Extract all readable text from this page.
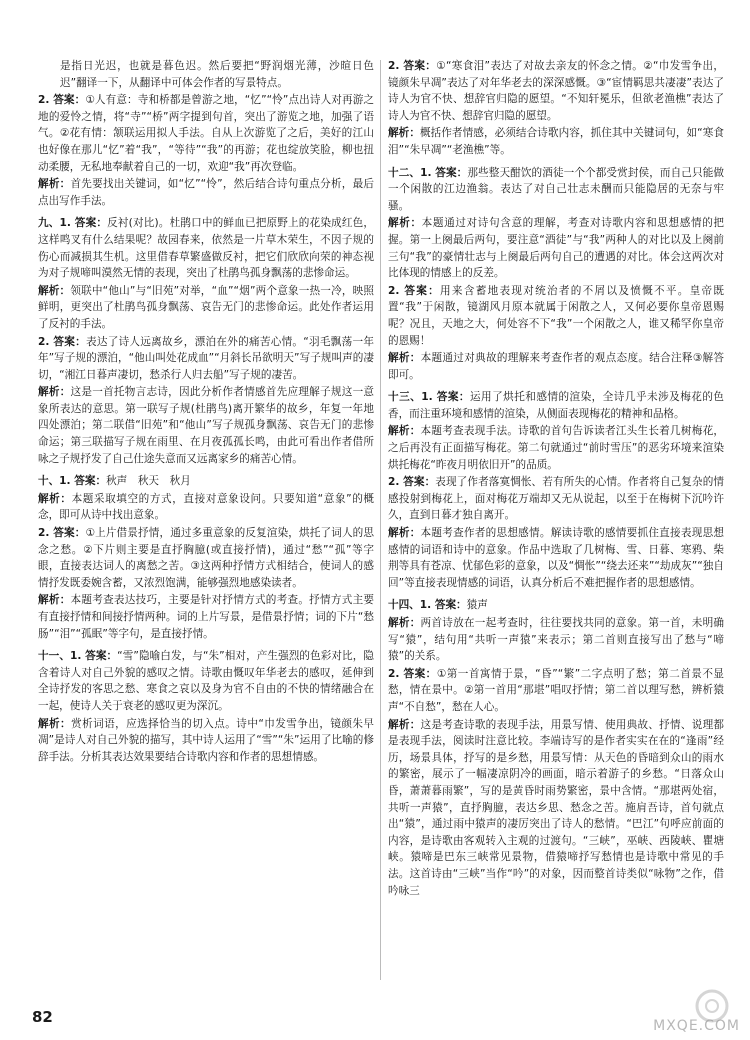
是指日光迟，也就是暮色迟。然后要把“野润烟光薄，沙暄日色迟”翻译一下，从翻译中可体会作者的写景特点。

2. 答案：①人有意：寺和桥都是曾游之地，“忆”“怜”点出诗人对再游之地的爱怜之情，将“寺”“桥”两字提到句首，突出了游览之地，加强了语气。②花有情：颔联运用拟人手法。自从上次游览了之后，美好的江山也好像在那儿“忆”着“我”，“等待”“我”的再游；花也绽放笑脸，柳也扭动柔腰，无私地奉献着自己的一切，欢迎“我”再次登临。

解析：首先要找出关键词，如“忆”“怜”，然后结合诗句重点分析，最后点出写作手法。

九、1. 答案：反衬(对比)。杜鹃口中的鲜血已把原野上的花染成红色，这样鸣叉有什么结果呢？故园春来，依然是一片草木荣生，不因子规的伤心而减损其生机。这里借春草繁盛做反衬，把它们欣欣向荣的神态视为对子规啼叫漠然无情的表现，突出了杜鹃鸟孤身飘荡的悲惨命运。

解析：领联中“他山”与“旧苑”对举，“血”“烟”两个意象一热一冷，映照鲜明，更突出了杜鹃鸟孤身飘荡、哀告无门的悲惨命运。此处作者运用了反衬的手法。

2. 答案：表达了诗人远离故乡，漂泊在外的痛苦心情。“羽毛飘荡一年年”写子规的漂泊，“他山叫处花成血”“月斜长吊欲明天”写子规叫声的凄切，“湘江日暮声凄切，愁杀行人归去船”写子规的凄苦。

解析：这是一首托物言志诗，因此分析作者情感首先应理解子规这一意象所表达的意思。第一联写子规(杜鹃鸟)离开繁华的故乡，年复一年地四处漂泊；第二联借“旧苑”和“他山”写子规孤身飘荡、哀告无门的悲惨命运；第三联描写子规在雨里、在月夜孤孤长鸣，由此可看出作者借所咏之子规抒发了自己仕途失意而又远离家乡的痛苦心情。

十、1. 答案：秋声　秋天　秋月

解析：本题采取填空的方式，直接对意象设问。只要知道“意象”的概念，即可从诗中找出意象。

2. 答案：①上片借景抒情，通过多重意象的反复渲染，烘托了词人的思念之愁。②下片则主要是直抒胸臆(或直接抒情)，通过“愁”“孤”等字眼，直接表达词人的离愁之苦。③这两种抒情方式相结合，使词人的感情抒发既委婉含蓄，又浓烈饱满，能够强烈地感染读者。

解析：本题考查表达技巧，主要是针对抒情方式的考查。抒情方式主要有直接抒情和间接抒情两种。词的上片写景，是借景抒情；词的下片“愁肠”“泪”“孤眠”等字句，是直接抒情。

十一、1. 答案：“雪”隐喻白发，与“朱”相对，产生强烈的色彩对比，隐含着诗人对自己外貌的感叹之情。诗歌由慨叹年华老去的感叹，延伸到全诗抒发的客思之愁、寒食之哀以及身为官不自由的不快的情绪融合在一起，使诗人关于衰老的感叹更为深沉。

解析：赏析词语，应选择恰当的切入点。诗中“巾发雪争出，镜颜朱早凋”是诗人对自己外貌的描写，其中诗人运用了“雪”“朱”运用了比喻的修辞手法。分析其表达效果要结合诗歌内容和作者的思想情感。

2. 答案：①“寒食泪”表达了对故去亲友的怀念之情。②“巾发雪争出，镜颜朱早凋”表达了对年华老去的深深感慨。③“宦情羁思共凄凄”表达了诗人为官不快、想辞官归隐的愿望。“不知轩冕乐，但欲老渔樵”表达了诗人为官不快、想辞官归隐的愿望。

解析：概括作者情感，必须结合诗歌内容，抓住其中关键词句，如“寒食泪”“朱早凋”“老渔樵”等。

十二、1. 答案：那些整天酣饮的酒徒一个个都受赏封侯，而自己只能做一个闲散的江边渔翁。表达了对自己壮志未酬而只能隐居的无奈与牢骚。

解析：本题通过对诗句含意的理解，考查对诗歌内容和思想感情的把握。第一上阕最后两句，要注意“酒徒”与“我”两种人的对比以及上阕前三句“我”的豪情壮志与上阕最后两句自己的遭遇的对比。体会这两次对比体现的情感上的反差。

2. 答案：用来含蓄地表现对统治者的不屑以及愤慨不平。皇帝既置“我”于闲散，镜湖风月原本就属于闲散之人，又何必要你皇帝恩赐呢？况且，天地之大，何处容不下“我”一个闲散之人，谁又稀罕你皇帝的恩赐！

解析：本题通过对典故的理解来考查作者的观点态度。结合注释③解答即可。

十三、1. 答案：运用了烘托和感情的渲染，全诗几乎未涉及梅花的色香，而注重环境和感情的渲染，从侧面表现梅花的精神和品格。

解析：本题考查表现手法。诗歌的首句告诉读者江头生长着几树梅花，之后再没有正面描写梅花。第二句就通过“前时雪压”的恶劣环境来渲染烘托梅花“昨夜月明依旧开”的品质。

2. 答案：表现了作者落寞惆怅、若有所失的心情。作者将自己复杂的情感投射到梅花上，面对梅花万端却又无从说起，以至于在梅树下沉吟许久，直到日暮才独自离开。

解析：本题考查作者的思想感情。解读诗歌的感情要抓住直接表现思想感情的词语和诗中的意象。作品中选取了几树梅、雪、日暮、寒鸦、柴荆等具有苍凉、忧郁色彩的意象，以及“惆怅”“绕去还来”“劫成灰”“独自回”等直接表现情感的词语，认真分析后不难把握作者的思想感情。

十四、1. 答案：猿声

解析：两首诗放在一起考查时，往往要找共同的意象。第一首，未明确写“猿”，结句用“共听一声猿”来表示；第二首则直接写出了愁与“啼猿”的关系。

2. 答案：①第一首寓情于景，“昏”“繁”二字点明了愁；第二首景不显愁，情在景中。②第一首用“那堪”唱叹抒情；第二首以理写愁，辨析猿声“不自愁”，愁在人心。

解析：这是考查诗歌的表现手法，用景写情、使用典故、抒情、说理都是表现手法，阅读时注意比较。李端诗写的是作者实实在在的“逢雨”经历，场景具体，抒写的是乡愁，用景写情：从天色的昏暗到众山的雨水的繁密，展示了一幅凄凉阴冷的画面，暗示着游子的乡愁。“日落众山昏，萧萧暮雨繁”，写的是黄昏时雨势繁密，景中含情。“那堪两处宿，共听一声猿”，直抒胸臆，表达乡思、愁念之苦。施肩吾诗，首句就点出“猿”，通过雨中猿声的凄厉突出了诗人的愁情。“巴江”句呼应前面的内容，是诗歌由客观转入主观的过渡句。“三峡”，巫峡、西陵峡、瞿塘峡。猿啼是巴东三峡常见景物，借猿啼抒写愁情也是诗歌中常见的手法。这首诗由“三峡”当作“吟”的对象，因而整首诗类似“咏物”之作，借吟咏三

82	MXQE.COM
